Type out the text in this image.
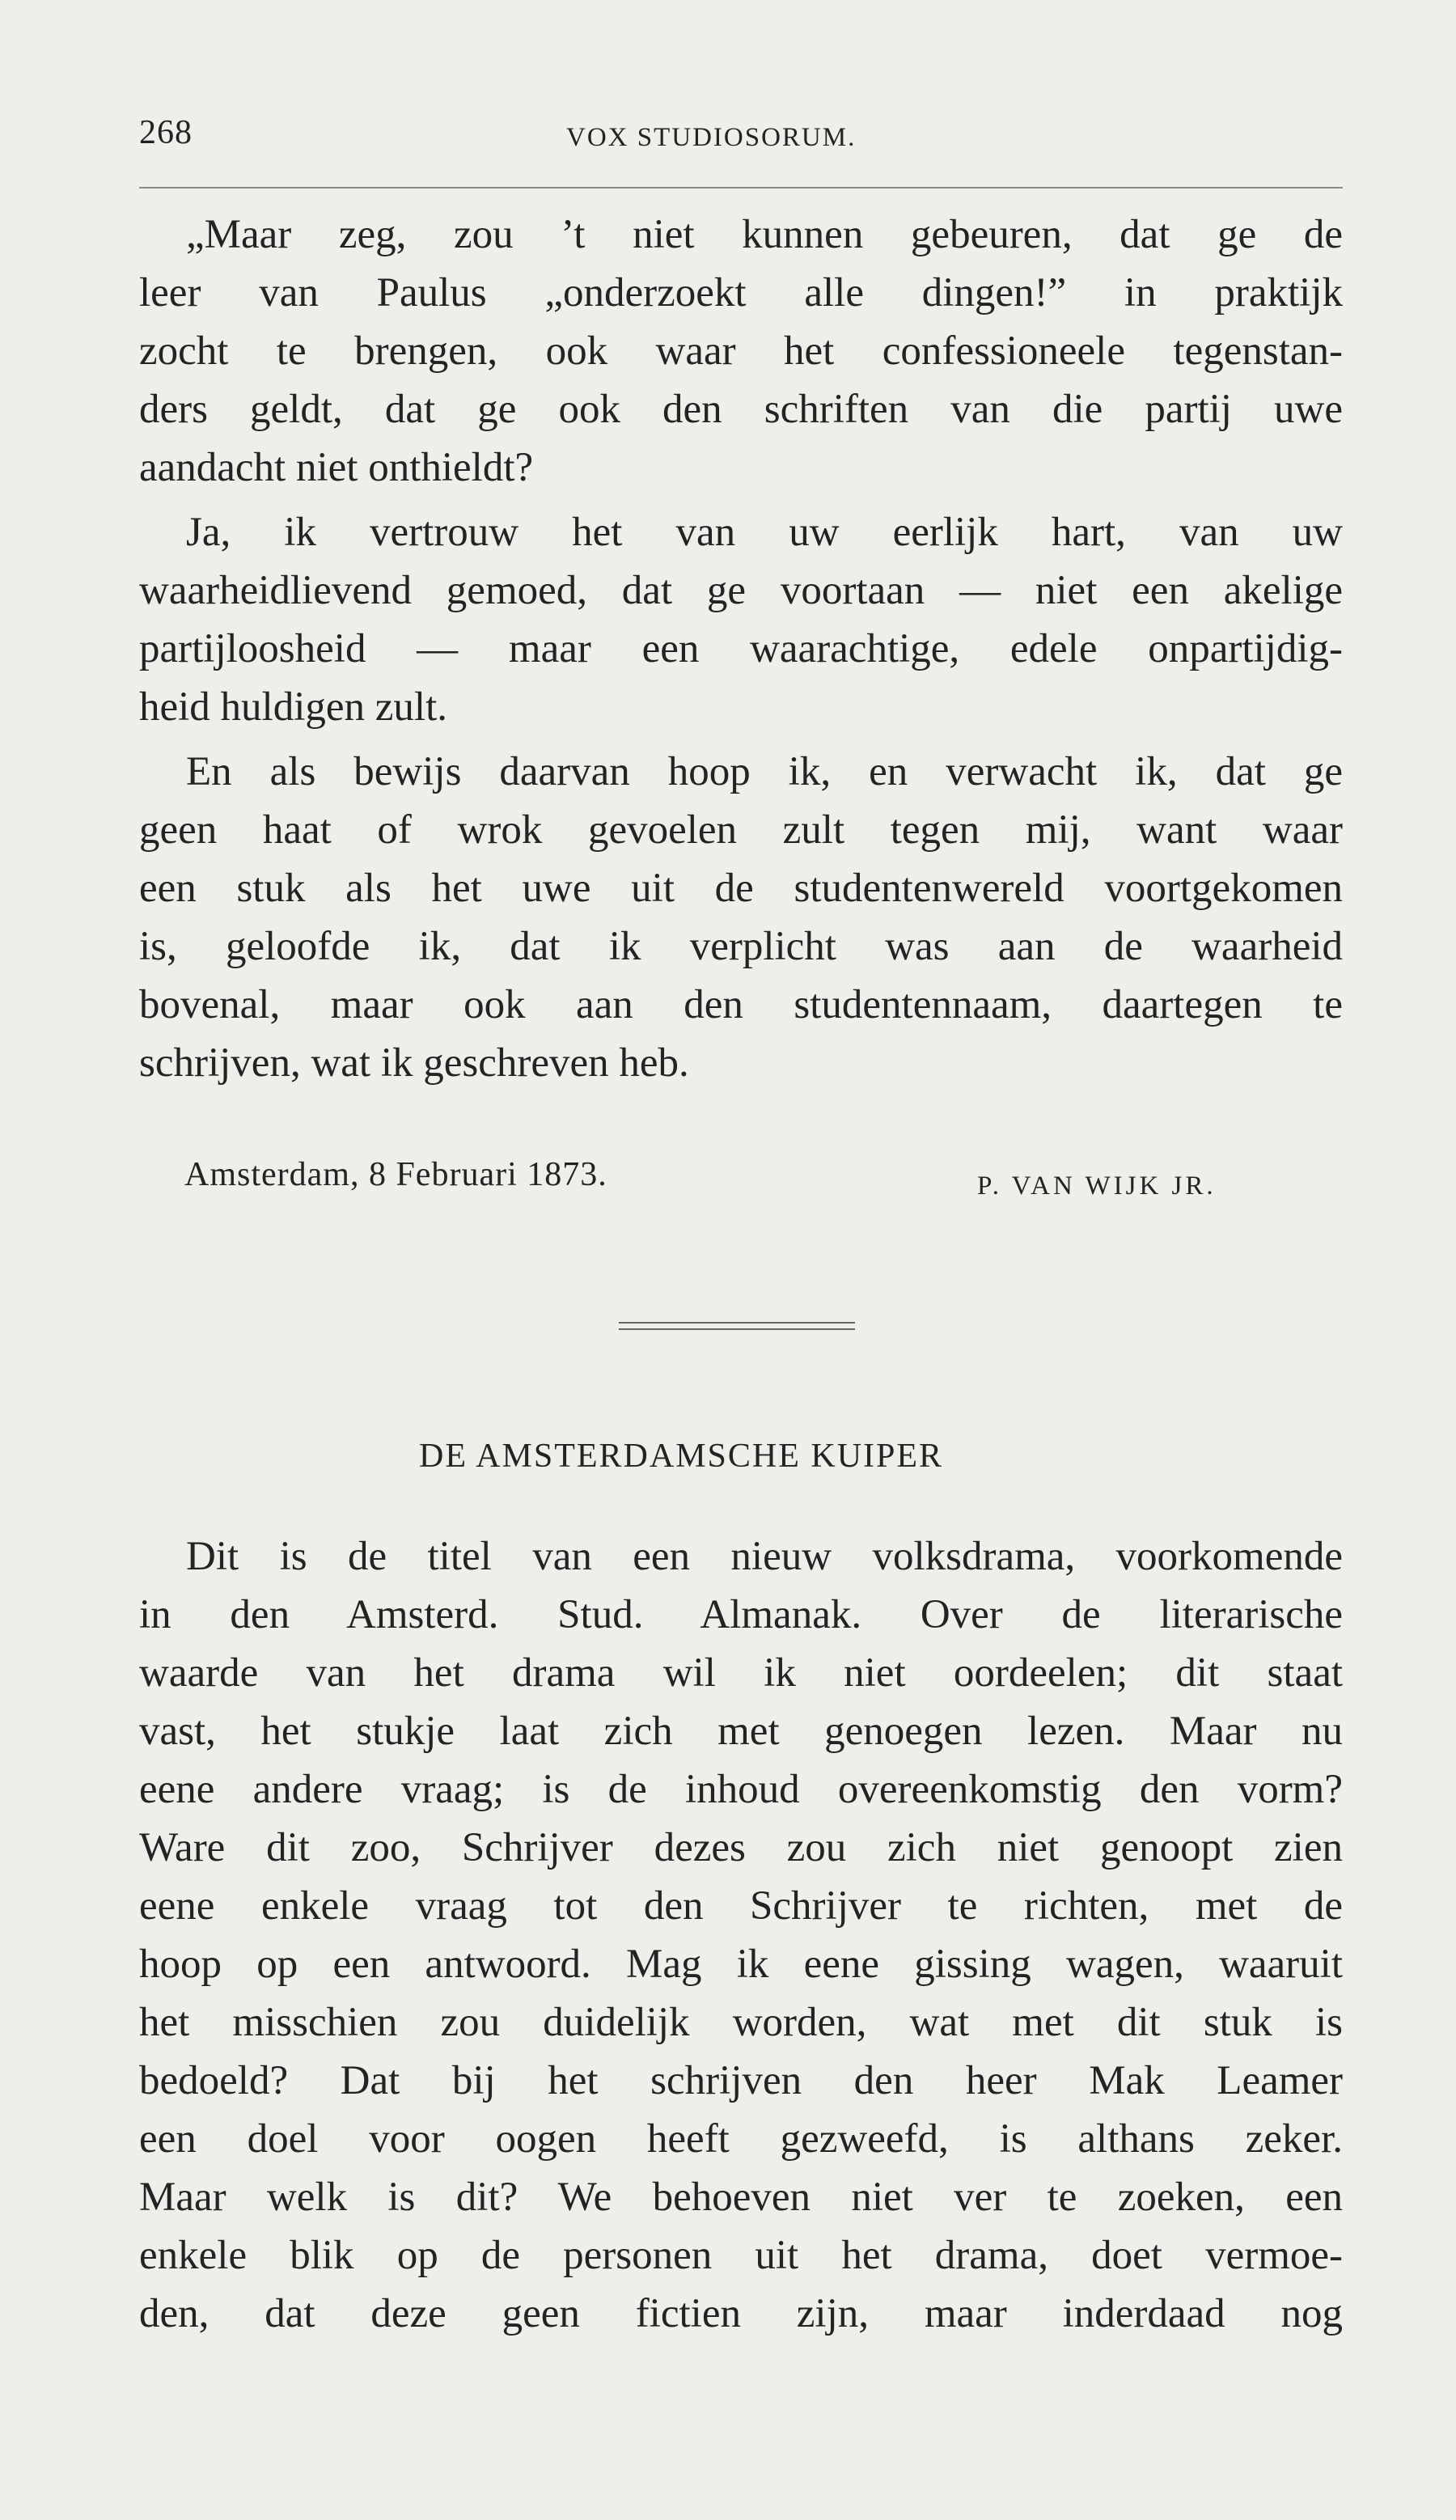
268	VOX STUDIOSORUM.
„Maar zeg, zou ’t niet kunnen gebeuren, dat ge de
leer van Paulus „onderzoekt alle dingen!” in praktijk
zocht te brengen, ook waar het confessioneele tegenstan-
ders geldt, dat ge ook den schriften van die partij uwe
aandacht niet onthieldt?
Ja, ik vertrouw het van uw eerlijk hart, van uw
waarheidlievend gemoed, dat ge voortaan — niet een akelige
partijloosheid — maar een waarachtige, edele onpartijdig-
heid huldigen zult.
En als bewijs daarvan hoop ik, en verwacht ik, dat ge
geen haat of wrok gevoelen zult tegen mij, want waar
een stuk als het uwe uit de studentenwereld voortgekomen
is, geloofde ik, dat ik verplicht was aan de waarheid
bovenal, maar ook aan den studentennaam, daartegen te
schrijven, wat ik geschreven heb.
Amsterdam, 8 Februari 1873.	P. VAN WIJK JR.
DE AMSTERDAMSCHE KUIPER
Dit is de titel van een nieuw volksdrama, voorkomende
in den Amsterd. Stud. Almanak. Over de literarische
waarde van het drama wil ik niet oordeelen; dit staat
vast, het stukje laat zich met genoegen lezen. Maar nu
eene andere vraag; is de inhoud overeenkomstig den vorm?
Ware dit zoo, Schrijver dezes zou zich niet genoopt zien
eene enkele vraag tot den Schrijver te richten, met de
hoop op een antwoord. Mag ik eene gissing wagen, waaruit
het misschien zou duidelijk worden, wat met dit stuk is
bedoeld? Dat bij het schrijven den heer Mak Leamer
een doel voor oogen heeft gezweefd, is althans zeker.
Maar welk is dit? We behoeven niet ver te zoeken, een
enkele blik op de personen uit het drama, doet vermoe-
den, dat deze geen fictien zijn, maar inderdaad nog
